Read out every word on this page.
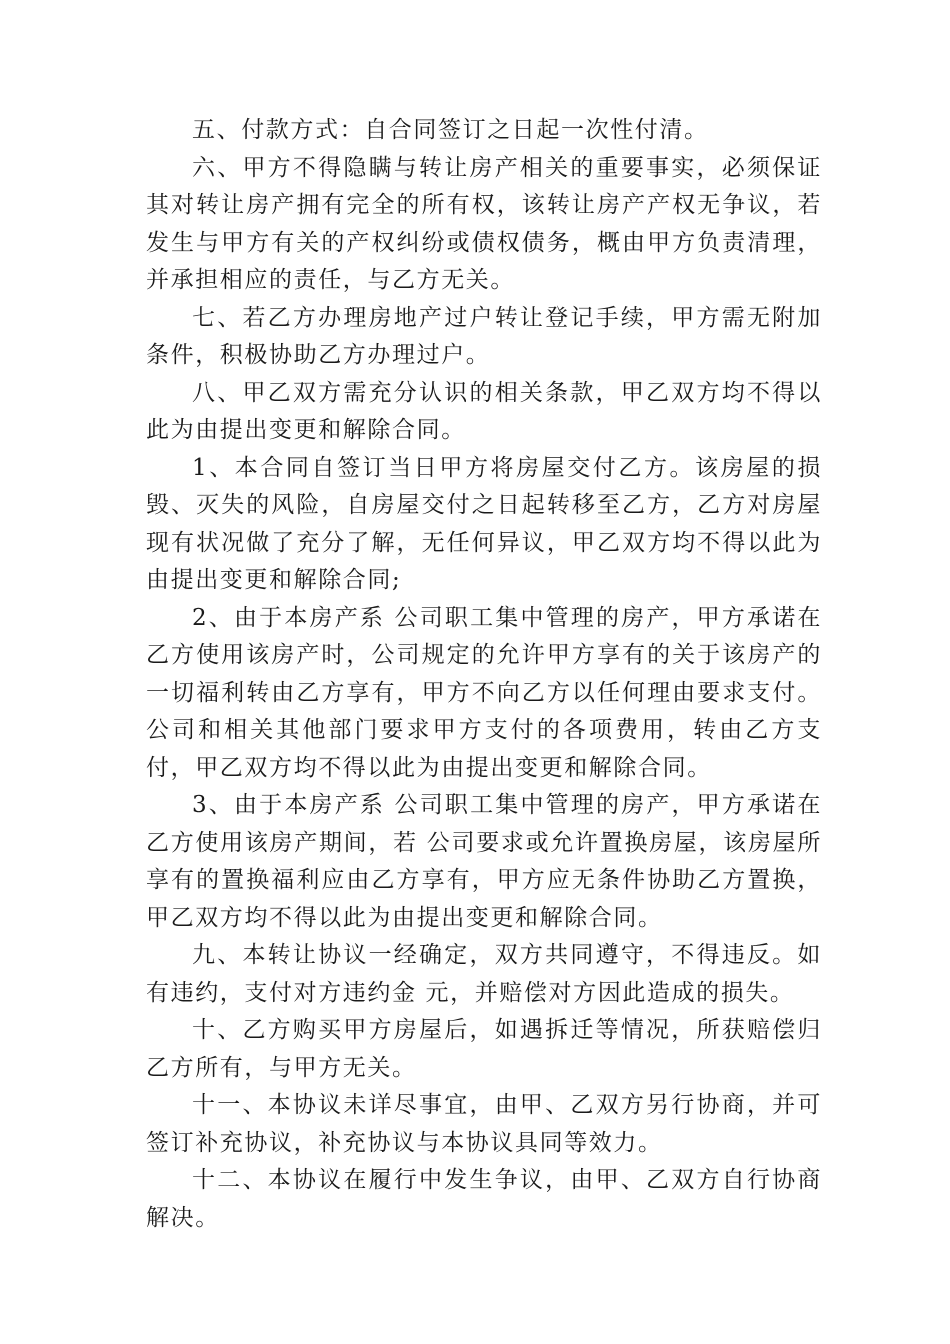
五、付款方式：自合同签订之日起一次性付清。

六、甲方不得隐瞒与转让房产相关的重要事实，必须保证其对转让房产拥有完全的所有权，该转让房产产权无争议，若发生与甲方有关的产权纠纷或债权债务，概由甲方负责清理，并承担相应的责任，与乙方无关。

七、若乙方办理房地产过户转让登记手续，甲方需无附加条件，积极协助乙方办理过户。

八、甲乙双方需充分认识的相关条款，甲乙双方均不得以此为由提出变更和解除合同。

1、本合同自签订当日甲方将房屋交付乙方。该房屋的损毁、灭失的风险，自房屋交付之日起转移至乙方，乙方对房屋现有状况做了充分了解，无任何异议，甲乙双方均不得以此为由提出变更和解除合同;

2、由于本房产系 公司职工集中管理的房产，甲方承诺在乙方使用该房产时，公司规定的允许甲方享有的关于该房产的一切福利转由乙方享有，甲方不向乙方以任何理由要求支付。 公司和相关其他部门要求甲方支付的各项费用，转由乙方支付，甲乙双方均不得以此为由提出变更和解除合同。

3、由于本房产系 公司职工集中管理的房产，甲方承诺在乙方使用该房产期间，若 公司要求或允许置换房屋，该房屋所享有的置换福利应由乙方享有，甲方应无条件协助乙方置换，甲乙双方均不得以此为由提出变更和解除合同。

九、本转让协议一经确定，双方共同遵守，不得违反。如有违约，支付对方违约金 元，并赔偿对方因此造成的损失。

十、乙方购买甲方房屋后，如遇拆迁等情况，所获赔偿归乙方所有，与甲方无关。

十一、本协议未详尽事宜，由甲、乙双方另行协商，并可签订补充协议，补充协议与本协议具同等效力。

十二、本协议在履行中发生争议，由甲、乙双方自行协商解决。
